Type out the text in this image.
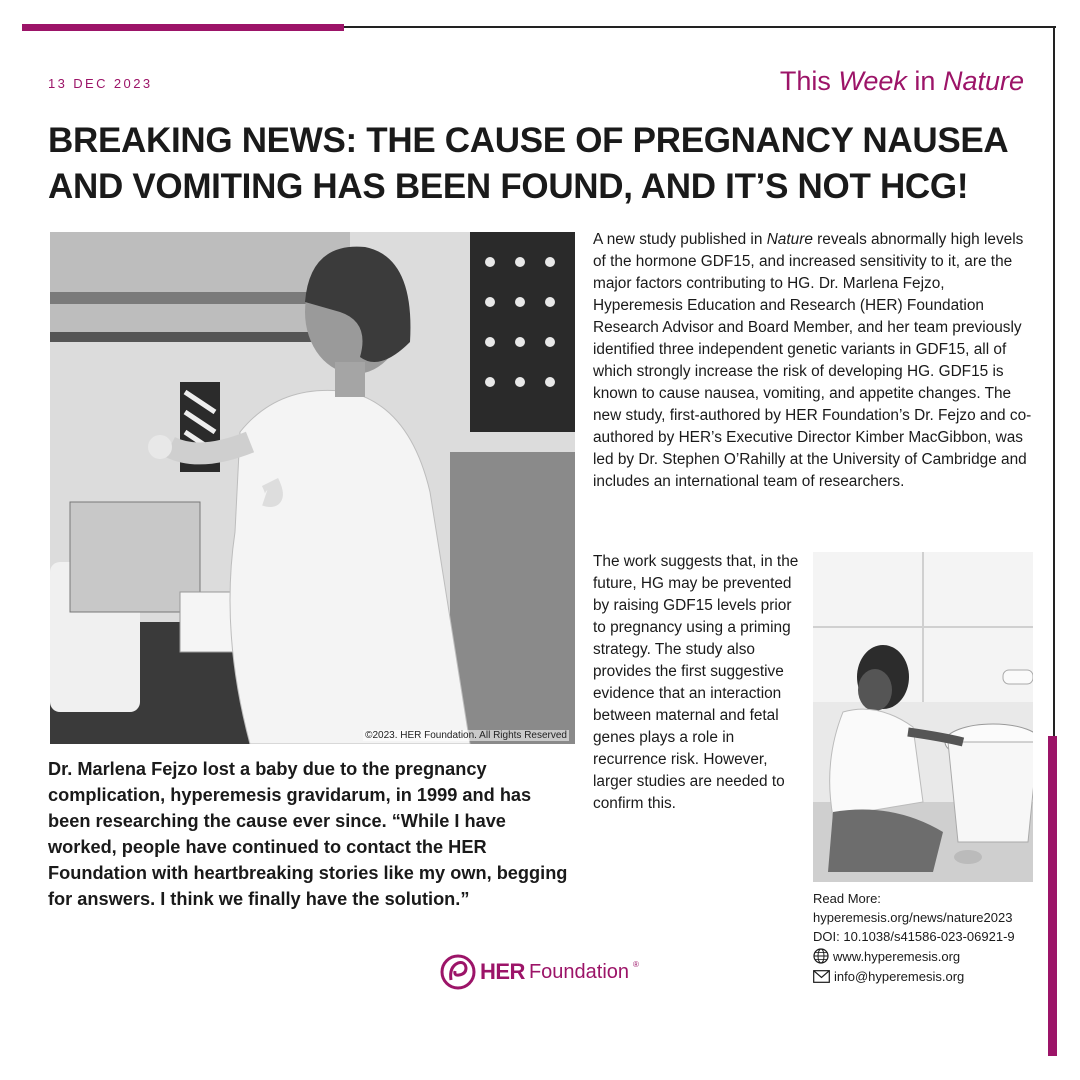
13 DEC 2023	This Week in Nature
BREAKING NEWS: THE CAUSE OF PREGNANCY NAUSEA AND VOMITING HAS BEEN FOUND, AND IT’S NOT HCG!
©2023. HER Foundation. All Rights Reserved

Dr. Marlena Fejzo lost a baby due to the pregnancy complication, hyperemesis gravidarum, in 1999 and has been researching the cause ever since. “While I have worked, people have continued to contact the HER Foundation with heartbreaking stories like my own, begging for answers. I think we finally have the solution.”

A new study published in Nature reveals abnormally high levels of the hormone GDF15, and increased sensitivity to it, are the major factors contributing to HG. Dr. Marlena Fejzo, Hyperemesis Education and Research (HER) Foundation Research Advisor and Board Member, and her team previously identified three independent genetic variants in GDF15, all of which strongly increase the risk of developing HG. GDF15 is known to cause nausea, vomiting, and appetite changes. The new study, first-authored by HER Foundation’s Dr. Fejzo and co-authored by HER’s Executive Director Kimber MacGibbon, was led by Dr. Stephen O’Rahilly at the University of Cambridge and includes an international team of researchers.

The work suggests that, in the future, HG may be prevented by raising GDF15 levels prior to pregnancy using a priming strategy. The study also provides the first suggestive evidence that an interaction between maternal and fetal genes plays a role in recurrence risk. However, larger studies are needed to confirm this.

Read More:
hyperemesis.org/news/nature2023
DOI: 10.1038/s41586-023-06921-9
www.hyperemesis.org
info@hyperemesis.org
HER Foundation ®
